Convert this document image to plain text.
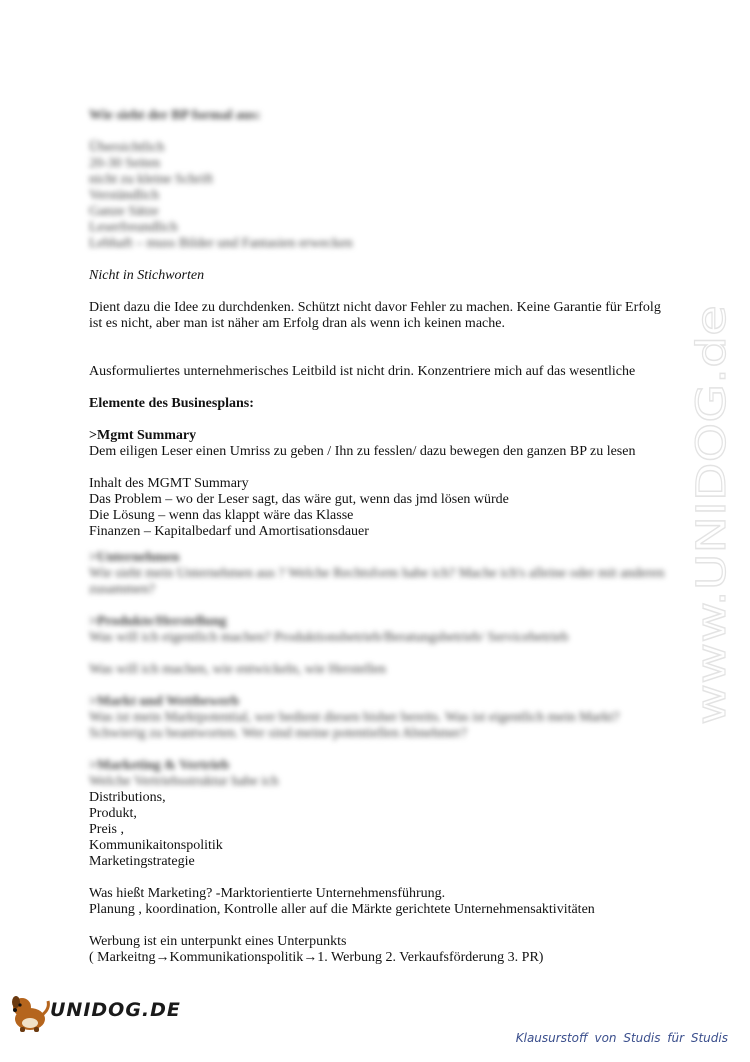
Wie sieht der BP formal aus:
Übersichtlich
20-30 Seiten
nicht zu kleine Schrift
Verständlich
Ganze Sätze
Leserfreundlich
Lebhaft – muss Bilder und Fantasien erwecken
Nicht in Stichworten
Dient dazu die Idee zu durchdenken. Schützt nicht davor Fehler zu machen. Keine Garantie für Erfolg
ist es nicht, aber man ist näher am Erfolg dran als wenn ich keinen mache.
Ausformuliertes unternehmerisches Leitbild ist nicht drin. Konzentriere mich auf das wesentliche
Elemente des Businesplans:
>Mgmt Summary
Dem eiligen Leser einen Umriss zu geben / Ihn zu fesslen/ dazu bewegen den ganzen BP zu lesen
Inhalt des MGMT Summary
Das Problem – wo der Leser sagt, das wäre gut, wenn das jmd lösen würde
Die Lösung – wenn das klappt wäre das Klasse
Finanzen – Kapitalbedarf und Amortisationsdauer
>Unternehmen
Wie sieht mein Unternehmen aus ? Welche Rechtsform habe ich? Mache ich's alleine oder mit anderen
zusammen?
>Produkte/Herstellung
Was will ich eigentlich machen? Produktionsbetrieb/Beratungsbetrieb/ Servicebetrieb
Was will ich machen, wie entwickeln, wie Herstellen
>Markt und Wettbewerb
Was ist mein Marktpotential, wer bedient diesen bisher bereits. Was ist eigentlich mein Markt?
Schwierig zu beantworten. Wer sind meine potentiellen Abnehmer?
>Marketing & Vertrieb
Welche Vertriebsstruktur habe ich
Distributions,
Produkt,
Preis ,
Kommunikaitonspolitik
Marketingstrategie
Was hießt Marketing? -Marktorientierte Unternehmensführung.
Planung , koordination, Kontrolle aller auf die Märkte gerichtete Unternehmensaktivitäten
Werbung ist ein unterpunkt eines Unterpunkts
( Markeitng→Kommunikationspolitik→1. Werbung 2. Verkaufsförderung 3. PR)
www.UNIDOG.de
UNIDOG.DE
Klausurstoff von Studis für Studis
